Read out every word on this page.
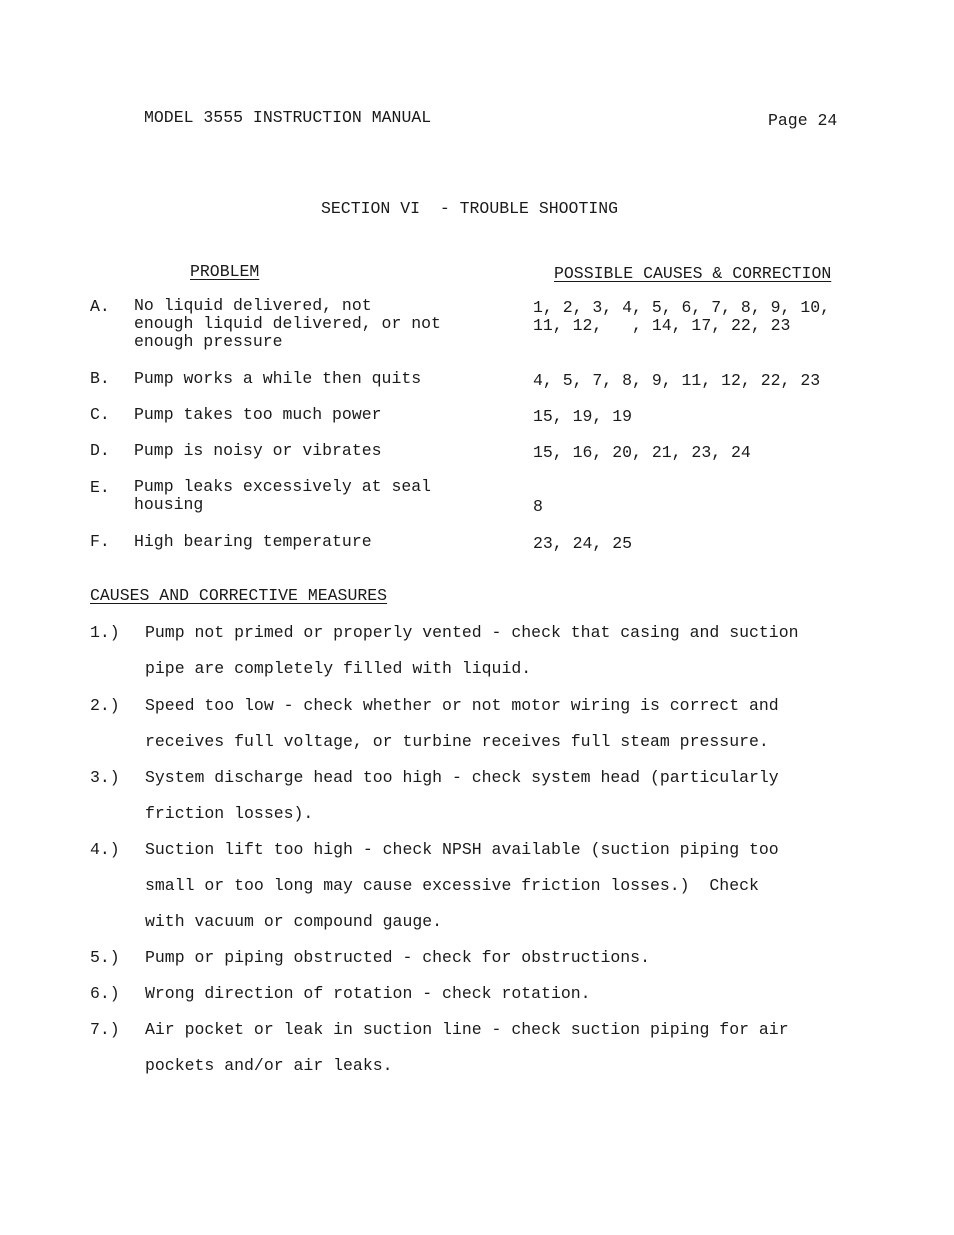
MODEL 3555 INSTRUCTION MANUAL	Page 24
SECTION VI  - TROUBLE SHOOTING
PROBLEM	POSSIBLE CAUSES & CORRECTION
A. No liquid delivered, not
enough liquid delivered, or not
enough pressure
1, 2, 3, 4, 5, 6, 7, 8, 9, 10,
11, 12,   , 14, 17, 22, 23
B. Pump works a while then quits	4, 5, 7, 8, 9, 11, 12, 22, 23
C. Pump takes too much power	15, 19, 19
D. Pump is noisy or vibrates	15, 16, 20, 21, 23, 24
E. Pump leaks excessively at seal
housing	8
F. High bearing temperature	23, 24, 25
CAUSES AND CORRECTIVE MEASURES
1.) Pump not primed or properly vented - check that casing and suction
pipe are completely filled with liquid.
2.) Speed too low - check whether or not motor wiring is correct and
receives full voltage, or turbine receives full steam pressure.
3.) System discharge head too high - check system head (particularly
friction losses).
4.) Suction lift too high - check NPSH available (suction piping too
small or too long may cause excessive friction losses.)  Check
with vacuum or compound gauge.
5.) Pump or piping obstructed - check for obstructions.
6.) Wrong direction of rotation - check rotation.
7.) Air pocket or leak in suction line - check suction piping for air
pockets and/or air leaks.
